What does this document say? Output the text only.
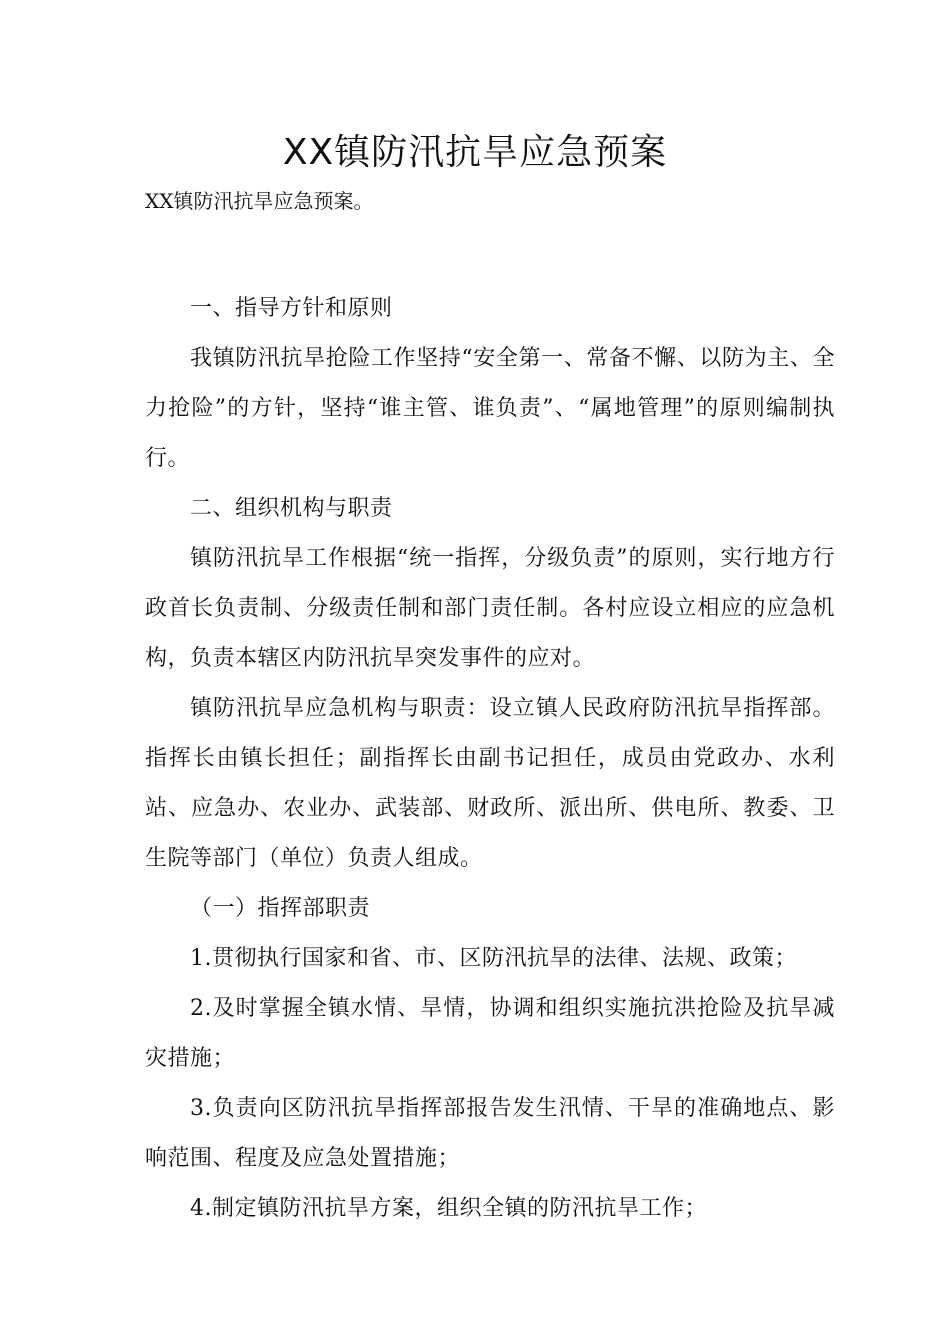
XX镇防汛抗旱应急预案

XX镇防汛抗旱应急预案。

一、指导方针和原则

我镇防汛抗旱抢险工作坚持“安全第一、常备不懈、以防为主、全力抢险”的方针，坚持“谁主管、谁负责”、“属地管理”的原则编制执行。

二、组织机构与职责

镇防汛抗旱工作根据“统一指挥，分级负责”的原则，实行地方行政首长负责制、分级责任制和部门责任制。各村应设立相应的应急机构，负责本辖区内防汛抗旱突发事件的应对。

镇防汛抗旱应急机构与职责：设立镇人民政府防汛抗旱指挥部。指挥长由镇长担任；副指挥长由副书记担任，成员由党政办、水利站、应急办、农业办、武装部、财政所、派出所、供电所、教委、卫生院等部门（单位）负责人组成。

（一）指挥部职责

1.贯彻执行国家和省、市、区防汛抗旱的法律、法规、政策；

2.及时掌握全镇水情、旱情，协调和组织实施抗洪抢险及抗旱减灾措施；

3.负责向区防汛抗旱指挥部报告发生汛情、干旱的准确地点、影响范围、程度及应急处置措施；

4.制定镇防汛抗旱方案，组织全镇的防汛抗旱工作；
